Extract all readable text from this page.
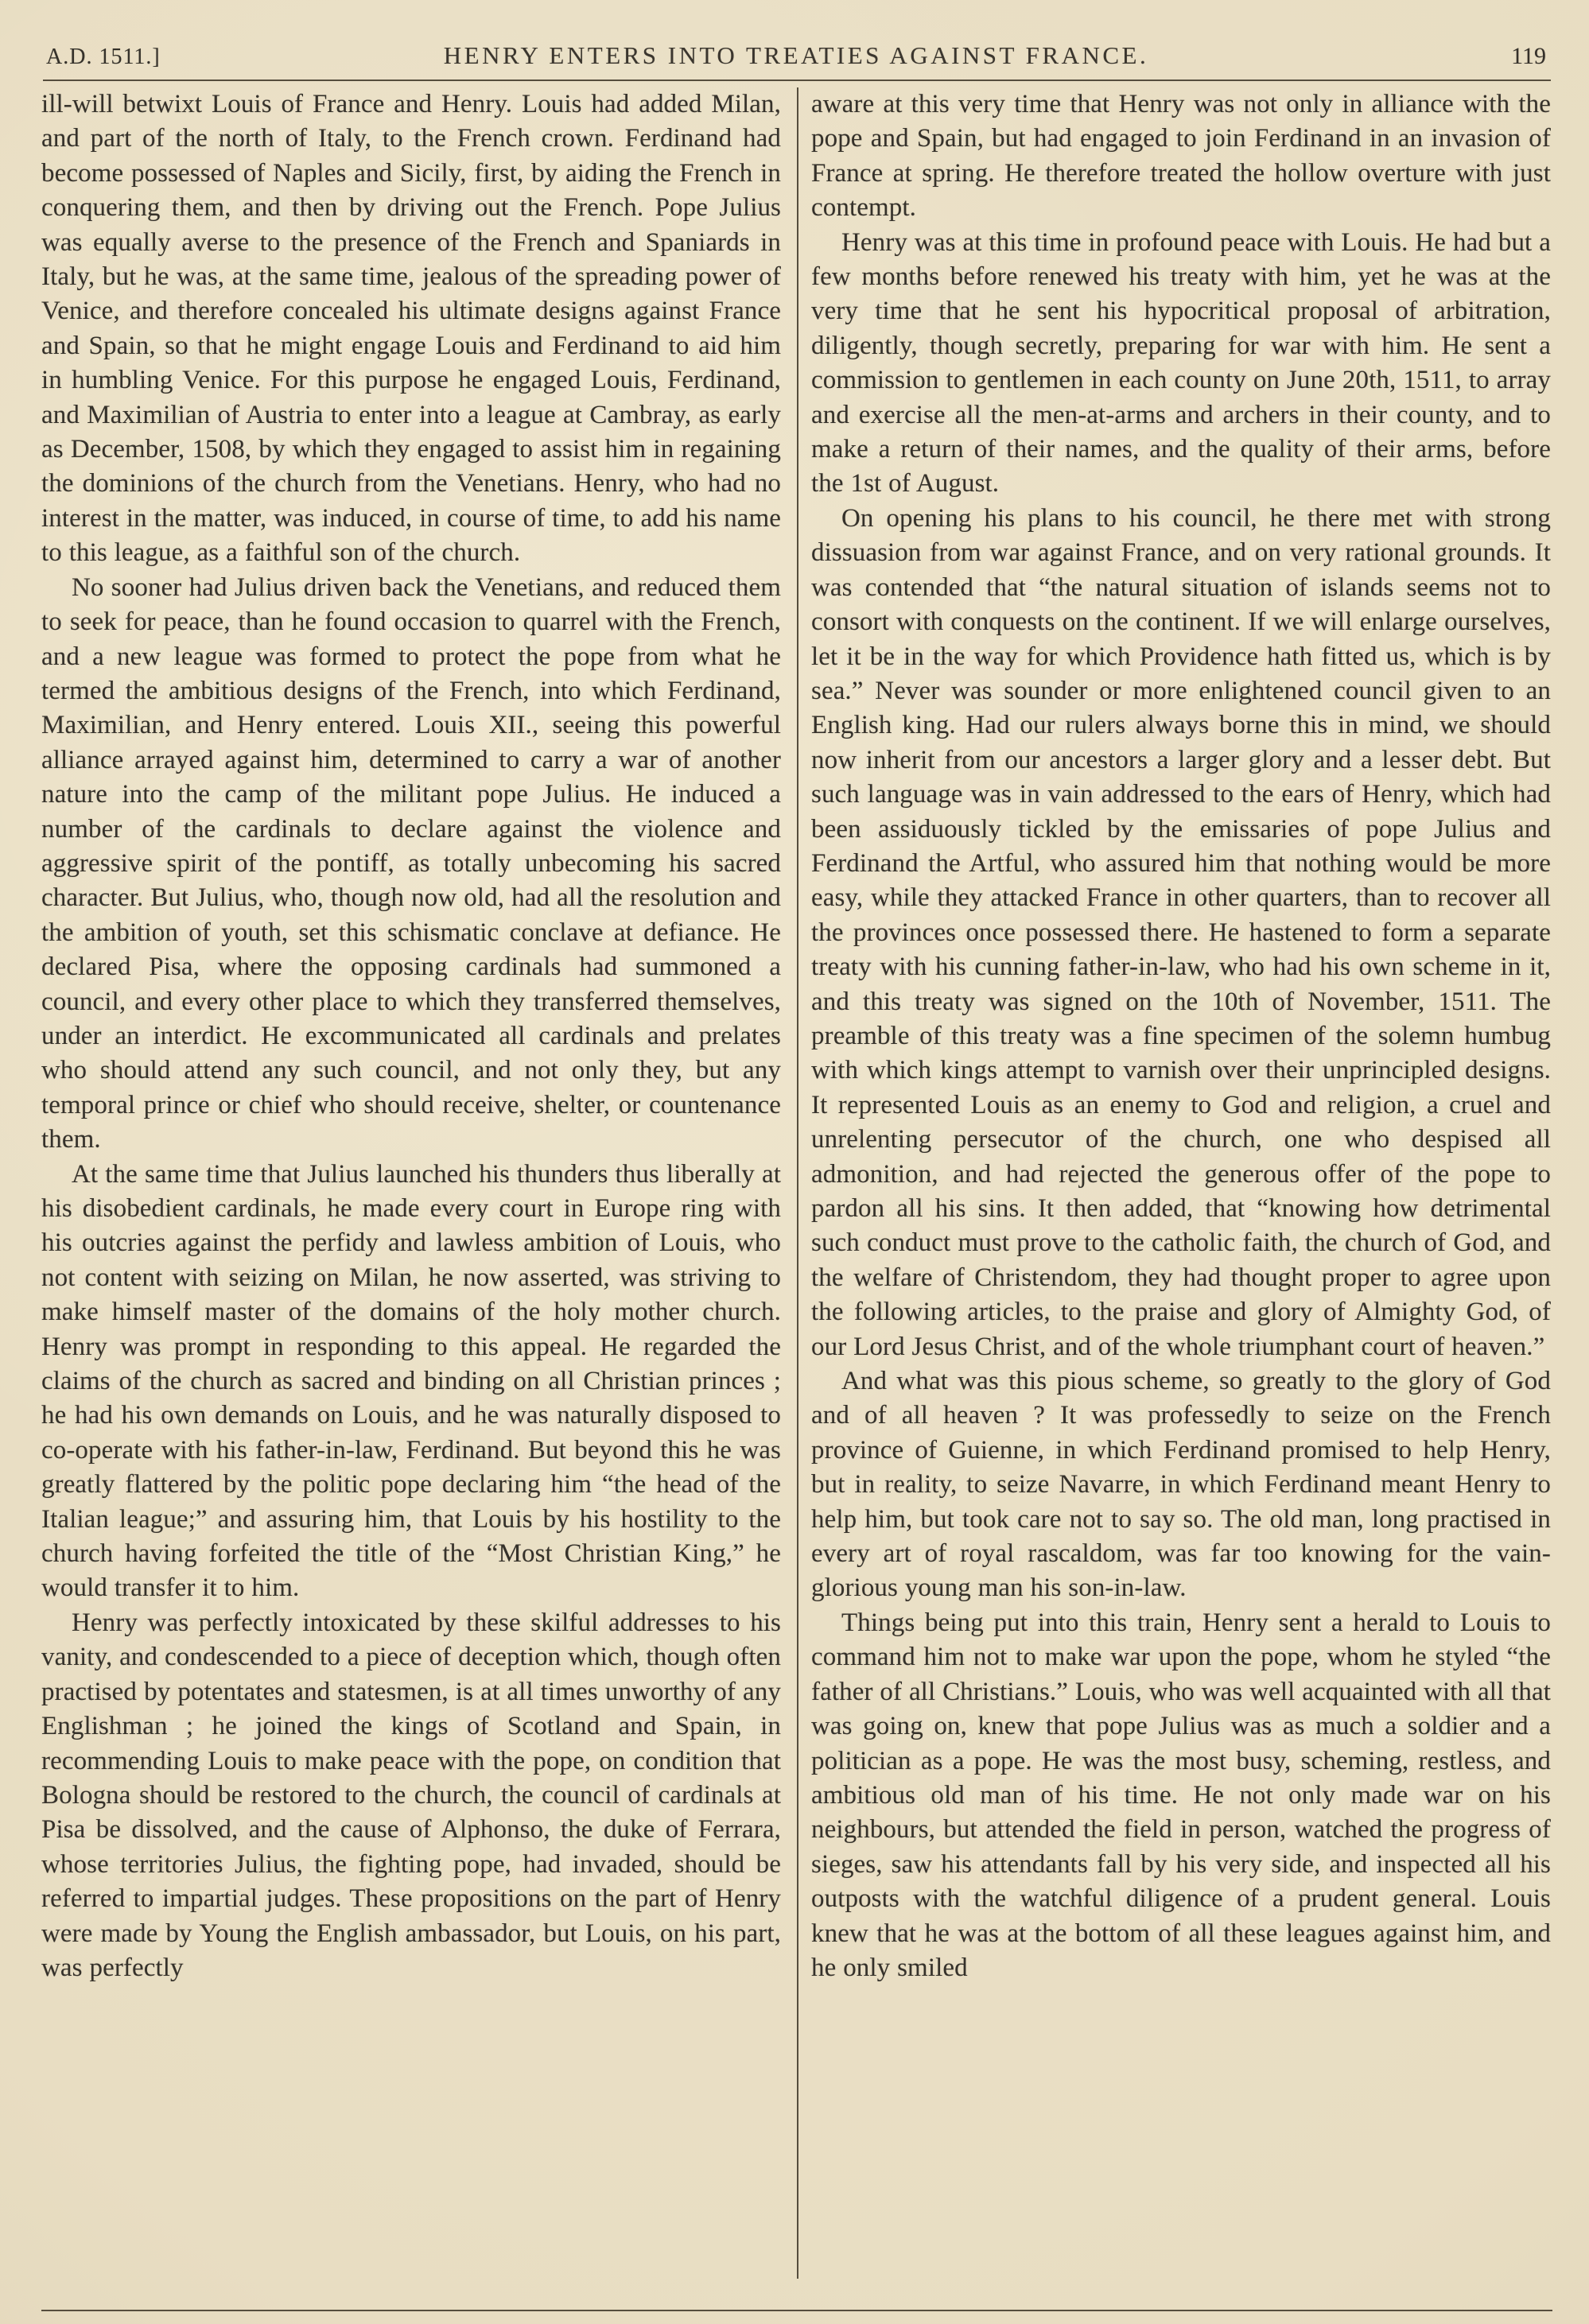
A.D. 1511.]	HENRY ENTERS INTO TREATIES AGAINST FRANCE.	119

ill-will betwixt Louis of France and Henry. Louis had added Milan, and part of the north of Italy, to the French crown. Ferdinand had become possessed of Naples and Sicily, first, by aiding the French in conquering them, and then by driving out the French. Pope Julius was equally averse to the presence of the French and Spaniards in Italy, but he was, at the same time, jealous of the spreading power of Venice, and therefore concealed his ultimate designs against France and Spain, so that he might engage Louis and Ferdinand to aid him in humbling Venice. For this purpose he engaged Louis, Ferdinand, and Maximilian of Austria to enter into a league at Cambray, as early as December, 1508, by which they engaged to assist him in regaining the dominions of the church from the Venetians. Henry, who had no interest in the matter, was induced, in course of time, to add his name to this league, as a faithful son of the church.

No sooner had Julius driven back the Venetians, and reduced them to seek for peace, than he found occasion to quarrel with the French, and a new league was formed to protect the pope from what he termed the ambitious designs of the French, into which Ferdinand, Maximilian, and Henry entered. Louis XII., seeing this powerful alliance arrayed against him, determined to carry a war of another nature into the camp of the militant pope Julius. He induced a number of the cardinals to declare against the violence and aggressive spirit of the pontiff, as totally unbecoming his sacred character. But Julius, who, though now old, had all the resolution and the ambition of youth, set this schismatic conclave at defiance. He declared Pisa, where the opposing cardinals had summoned a council, and every other place to which they transferred themselves, under an interdict. He excommunicated all cardinals and prelates who should attend any such council, and not only they, but any temporal prince or chief who should receive, shelter, or countenance them.

At the same time that Julius launched his thunders thus liberally at his disobedient cardinals, he made every court in Europe ring with his outcries against the perfidy and lawless ambition of Louis, who not content with seizing on Milan, he now asserted, was striving to make himself master of the domains of the holy mother church. Henry was prompt in responding to this appeal. He regarded the claims of the church as sacred and binding on all Christian princes ; he had his own demands on Louis, and he was naturally disposed to co-operate with his father-in-law, Ferdinand. But beyond this he was greatly flattered by the politic pope declaring him “the head of the Italian league;” and assuring him, that Louis by his hostility to the church having forfeited the title of the “Most Christian King,” he would transfer it to him.

Henry was perfectly intoxicated by these skilful addresses to his vanity, and condescended to a piece of deception which, though often practised by potentates and statesmen, is at all times unworthy of any Englishman ; he joined the kings of Scotland and Spain, in recommending Louis to make peace with the pope, on condition that Bologna should be restored to the church, the council of cardinals at Pisa be dissolved, and the cause of Alphonso, the duke of Ferrara, whose territories Julius, the fighting pope, had invaded, should be referred to impartial judges. These propositions on the part of Henry were made by Young the English ambassador, but Louis, on his part, was perfectly

aware at this very time that Henry was not only in alliance with the pope and Spain, but had engaged to join Ferdinand in an invasion of France at spring. He therefore treated the hollow overture with just contempt.

Henry was at this time in profound peace with Louis. He had but a few months before renewed his treaty with him, yet he was at the very time that he sent his hypocritical proposal of arbitration, diligently, though secretly, preparing for war with him. He sent a commission to gentlemen in each county on June 20th, 1511, to array and exercise all the men-at-arms and archers in their county, and to make a return of their names, and the quality of their arms, before the 1st of August.

On opening his plans to his council, he there met with strong dissuasion from war against France, and on very rational grounds. It was contended that “the natural situation of islands seems not to consort with conquests on the continent. If we will enlarge ourselves, let it be in the way for which Providence hath fitted us, which is by sea.” Never was sounder or more enlightened council given to an English king. Had our rulers always borne this in mind, we should now inherit from our ancestors a larger glory and a lesser debt. But such language was in vain addressed to the ears of Henry, which had been assiduously tickled by the emissaries of pope Julius and Ferdinand the Artful, who assured him that nothing would be more easy, while they attacked France in other quarters, than to recover all the provinces once possessed there. He hastened to form a separate treaty with his cunning father-in-law, who had his own scheme in it, and this treaty was signed on the 10th of November, 1511. The preamble of this treaty was a fine specimen of the solemn humbug with which kings attempt to varnish over their unprincipled designs. It represented Louis as an enemy to God and religion, a cruel and unrelenting persecutor of the church, one who despised all admonition, and had rejected the generous offer of the pope to pardon all his sins. It then added, that “knowing how detrimental such conduct must prove to the catholic faith, the church of God, and the welfare of Christendom, they had thought proper to agree upon the following articles, to the praise and glory of Almighty God, of our Lord Jesus Christ, and of the whole triumphant court of heaven.”

And what was this pious scheme, so greatly to the glory of God and of all heaven ? It was professedly to seize on the French province of Guienne, in which Ferdinand promised to help Henry, but in reality, to seize Navarre, in which Ferdinand meant Henry to help him, but took care not to say so. The old man, long practised in every art of royal rascaldom, was far too knowing for the vain-glorious young man his son-in-law.

Things being put into this train, Henry sent a herald to Louis to command him not to make war upon the pope, whom he styled “the father of all Christians.” Louis, who was well acquainted with all that was going on, knew that pope Julius was as much a soldier and a politician as a pope. He was the most busy, scheming, restless, and ambitious old man of his time. He not only made war on his neighbours, but attended the field in person, watched the progress of sieges, saw his attendants fall by his very side, and inspected all his outposts with the watchful diligence of a prudent general. Louis knew that he was at the bottom of all these leagues against him, and he only smiled
